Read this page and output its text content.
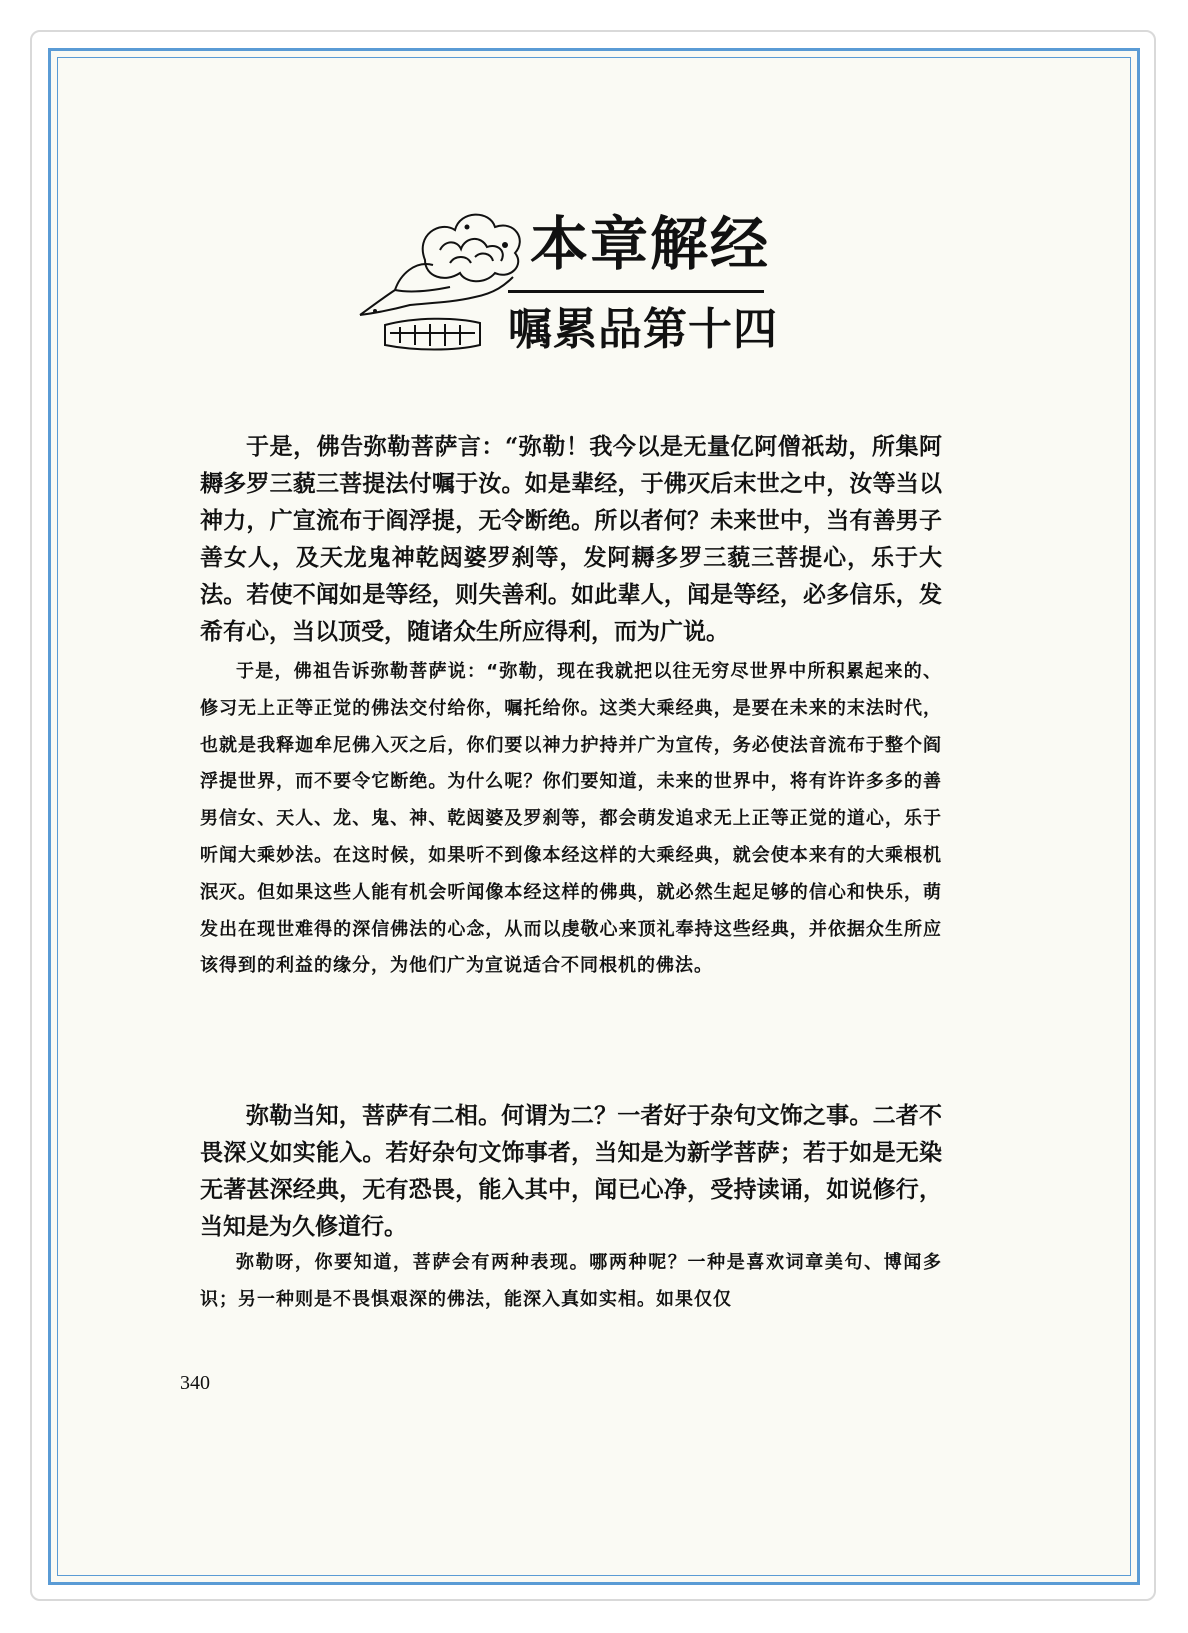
本章解经
嘱累品第十四

于是，佛告弥勒菩萨言：“弥勒！我今以是无量亿阿僧祇劫，所集阿耨多罗三藐三菩提法付嘱于汝。如是辈经，于佛灭后末世之中，汝等当以神力，广宣流布于阎浮提，无令断绝。所以者何？未来世中，当有善男子善女人，及天龙鬼神乾闼婆罗刹等，发阿耨多罗三藐三菩提心，乐于大法。若使不闻如是等经，则失善利。如此辈人，闻是等经，必多信乐，发希有心，当以顶受，随诸众生所应得利，而为广说。

于是，佛祖告诉弥勒菩萨说：“弥勒，现在我就把以往无穷尽世界中所积累起来的、修习无上正等正觉的佛法交付给你，嘱托给你。这类大乘经典，是要在未来的末法时代，也就是我释迦牟尼佛入灭之后，你们要以神力护持并广为宣传，务必使法音流布于整个阎浮提世界，而不要令它断绝。为什么呢？你们要知道，未来的世界中，将有许许多多的善男信女、天人、龙、鬼、神、乾闼婆及罗刹等，都会萌发追求无上正等正觉的道心，乐于听闻大乘妙法。在这时候，如果听不到像本经这样的大乘经典，就会使本来有的大乘根机泯灭。但如果这些人能有机会听闻像本经这样的佛典，就必然生起足够的信心和快乐，萌发出在现世难得的深信佛法的心念，从而以虔敬心来顶礼奉持这些经典，并依据众生所应该得到的利益的缘分，为他们广为宣说适合不同根机的佛法。

弥勒当知，菩萨有二相。何谓为二？一者好于杂句文饰之事。二者不畏深义如实能入。若好杂句文饰事者，当知是为新学菩萨；若于如是无染无著甚深经典，无有恐畏，能入其中，闻已心净，受持读诵，如说修行，当知是为久修道行。

弥勒呀，你要知道，菩萨会有两种表现。哪两种呢？一种是喜欢词章美句、博闻多识；另一种则是不畏惧艰深的佛法，能深入真如实相。如果仅仅

340
